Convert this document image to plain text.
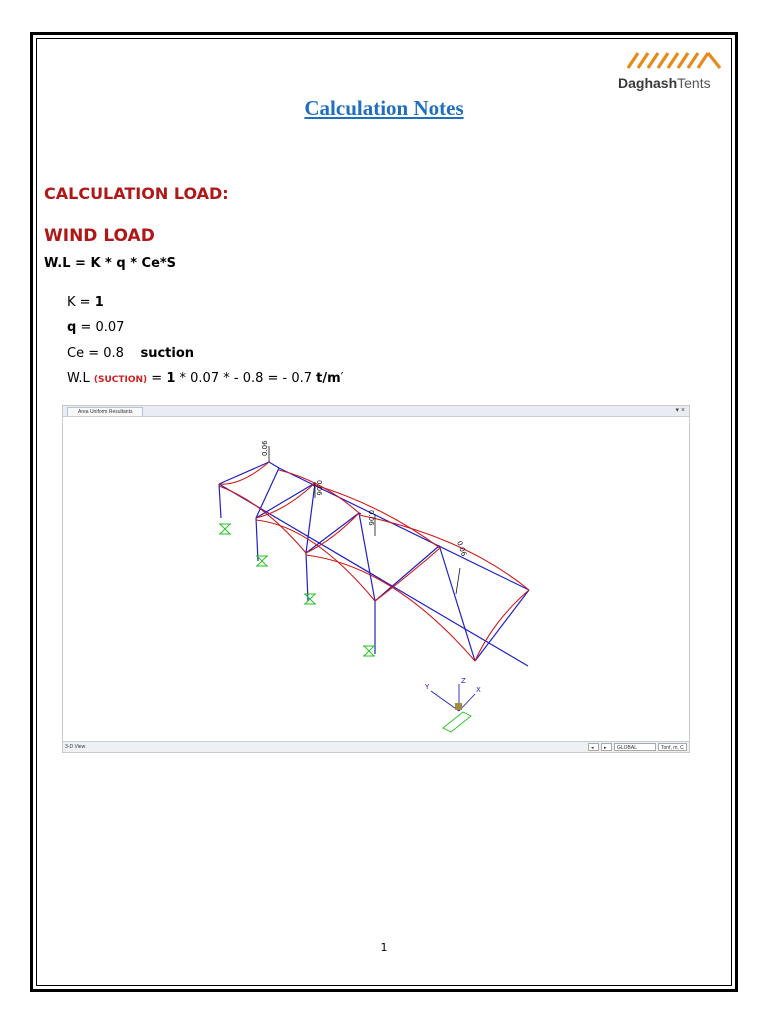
DaghashTents
Calculation Notes
CALCULATION LOAD:
WIND LOAD
W.L = K * q * Ce*S
K = 1
q = 0.07
Ce = 0.8 suction
W.L (SUCTION) = 1 * 0.07 * - 0.8 = - 0.7 t/m′
Area Uniform Resultants	▾ ×
0.06
0.06
0.06
0.06
Y	X
Z
3-D View	◂	▸	GLOBAL	Tonf, m, C
1
